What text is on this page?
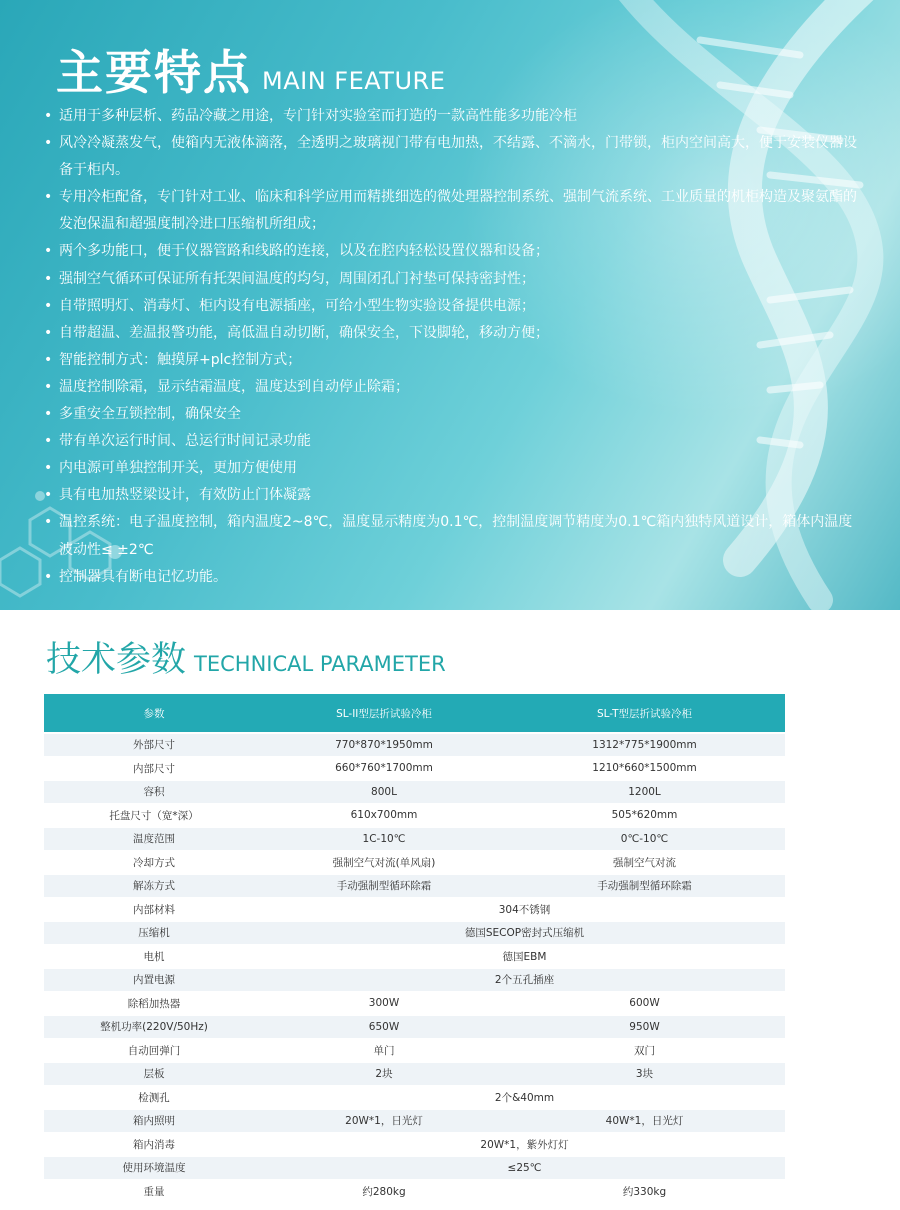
主要特点 MAIN FEATURE
• 适用于多种层析、药品冷藏之用途，专门针对实验室而打造的一款高性能多功能冷柜
• 风冷冷凝蒸发气，使箱内无液体滴落，全透明之玻璃视门带有电加热，不结露、不滴水，门带锁，柜内空间高大，便于安装仪器设备于柜内。
• 专用冷柜配备，专门针对工业、临床和科学应用而精挑细选的微处理器控制系统、强制气流系统、工业质量的机柜构造及聚氨酯的发泡保温和超强度制冷进口压缩机所组成；
• 两个多功能口，便于仪器管路和线路的连接，以及在腔内轻松设置仪器和设备；
• 强制空气循环可保证所有托架间温度的均匀，周围闭孔门衬垫可保持密封性；
• 自带照明灯、消毒灯、柜内设有电源插座，可给小型生物实验设备提供电源；
• 自带超温、差温报警功能，高低温自动切断，确保安全，下设脚轮，移动方便；
• 智能控制方式：触摸屏+plc控制方式；
• 温度控制除霜，显示结霜温度，温度达到自动停止除霜；
• 多重安全互锁控制，确保安全
• 带有单次运行时间、总运行时间记录功能
• 内电源可单独控制开关，更加方便使用
• 具有电加热竖梁设计，有效防止门体凝露
• 温控系统：电子温度控制，箱内温度2~8℃，温度显示精度为0.1℃，控制温度调节精度为0.1℃箱内独特风道设计，箱体内温度波动性≤ ±2℃
• 控制器具有断电记忆功能。
技术参数 TECHNICAL PARAMETER
参数	SL-II型层折试验冷柜	SL-T型层折试验冷柜
外部尺寸	770*870*1950mm	1312*775*1900mm
内部尺寸	660*760*1700mm	1210*660*1500mm
容积	800L	1200L
托盘尺寸（宽*深）	610x700mm	505*620mm
温度范围	1C-10℃	0℃-10℃
冷却方式	强制空气对流(单风扇)	强制空气对流
解冻方式	手动强制型循环除霜	手动强制型循环除霜
内部材料	304不锈钢	
压缩机	德国SECOP密封式压缩机	
电机	德国EBM	
内置电源	2个五孔插座	
除稻加热器	300W	600W
整机功率(220V/50Hz)	650W	950W
自动回弹门	单门	双门
层板	2块	3块
检测孔	2个&40mm	
箱内照明	20W*1，日光灯	40W*1，日光灯
箱内消毒	20W*1，紫外灯灯	
使用环境温度	≤25℃	
重量	约280kg	约330kg
